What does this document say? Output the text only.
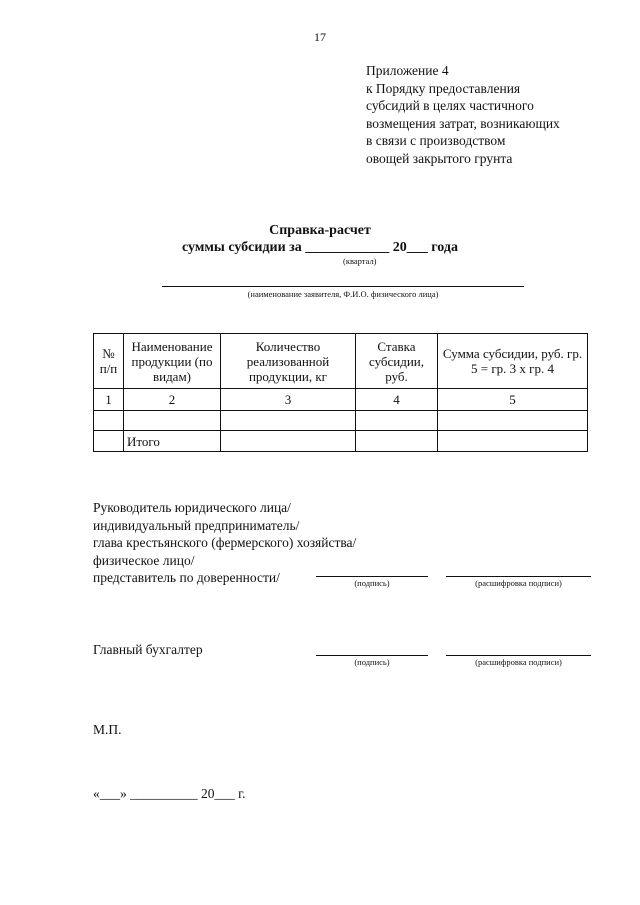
17
Приложение 4
к Порядку предоставления
субсидий в целях частичного
возмещения затрат, возникающих
в связи с производством
овощей закрытого грунта
Справка-расчет
суммы субсидии за ____________ 20___ года
(квартал)
(наименование заявителя, Ф.И.О. физического лица)
№ п/п	Наименование продукции (по видам)	Количество реализованной продукции, кг	Ставка субсидии, руб.	Сумма субсидии, руб. гр. 5 = гр. 3 х гр. 4
1	2	3	4	5

	Итого			
Руководитель юридического лица/
индивидуальный предприниматель/
глава крестьянского (фермерского) хозяйства/
физическое лицо/
представитель по доверенности/	(подпись)	(расшифровка подписи)
Главный бухгалтер
(подпись)	(расшифровка подписи)
М.П.
«___» __________ 20___ г.
